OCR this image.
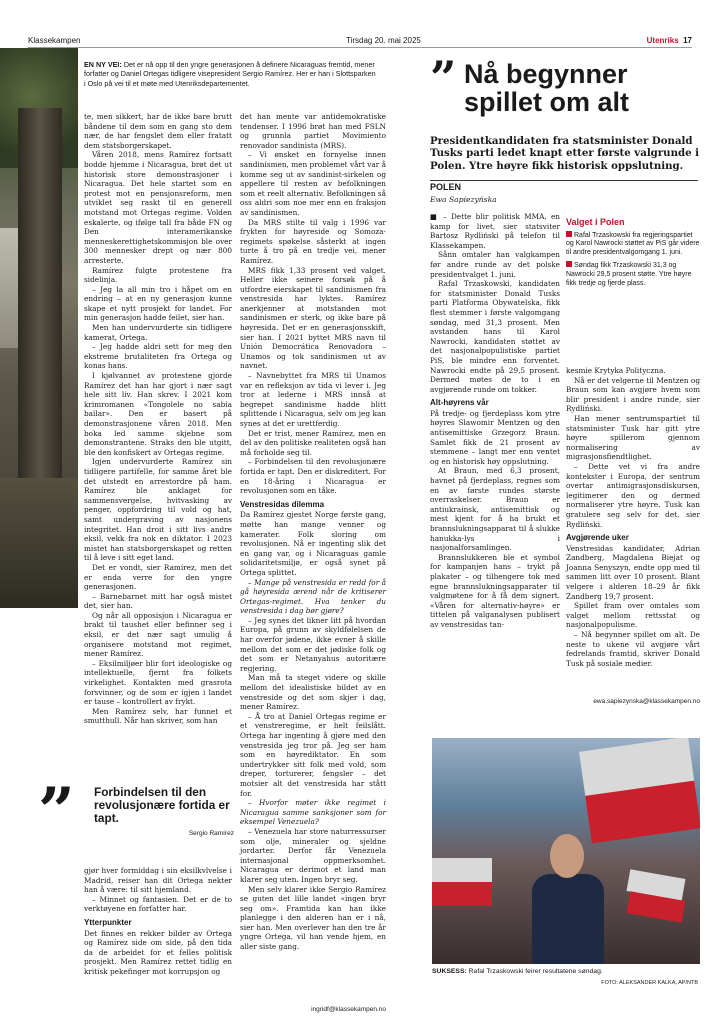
Klassekampen	Tirsdag 20. mai 2025	Utenriks 17
EN NY VEI: Det er nå opp til den yngre generasjonen å definere Nicaraguas fremtid, mener forfatter og Daniel Ortegas tidligere visepresident Sergio Ramírez. Her er han i Slottsparken i Oslo på vei til et møte med Utenriksdepartementet.

te, men sikkert, har de ikke bare brutt båndene til dem som en gang sto dem nær, de har fengslet dem eller fratatt dem statsborgerskapet.

Våren 2018, mens Ramírez fortsatt bodde hjemme i Nicaragua, brøt det ut historisk store demonstrasjoner i Nicaragua. Det hele startet som en protest mot en pensjonsreform, men utviklet seg raskt til en generell motstand mot Ortegas regime. Volden eskalerte, og ifølge tall fra både FN og Den interamerikanske menneskerettighetskommisjon ble over 300 mennesker drept og nær 800 arresterte.

Ramírez fulgte protestene fra sidelinja.

– Jeg la all min tro i håpet om en endring – at en ny generasjon kunne skape et nytt prosjekt for landet. For min generasjon hadde feilet, sier han.

Men han undervurderte sin tidligere kamerat, Ortega.

– Jeg hadde aldri sett for meg den ekstreme brutaliteten fra Ortega og konas hans.

I kjølvannet av protestene gjorde Ramírez det han har gjort i nær sagt hele sitt liv. Han skrev. I 2021 kom krimromanen «Tongolele no sabía bailar». Den er basert på demonstrasjonene våren 2018. Men boka led samme skjebne som demonstrantene. Straks den ble utgitt, ble den konfiskert av Ortegas regime.

Igjen undervurderte Ramírez sin tidligere partifelle, for samme året ble det utstedt en arrestordre på ham. Ramírez ble anklaget for sammensvergelse, hvitvasking av penger, oppfordring til vold og hat, samt undergraving av nasjonens integritet. Han droit i sitt livs andre eksil, vekk fra nok en diktator. I 2023 mistet han statsborgerskapet og retten til å leve i sitt eget land.

Det er vondt, sier Ramírez, men det er enda verre for den yngre generasjonen.

– Barnebarnet mitt har også mistet det, sier han.

Og når all opposisjon i Nicaragua er brakt til taushet eller befinner seg i eksil, er det nær sagt umulig å organisere motstand mot regimet, mener Ramírez.

– Eksilmiljøer blir fort ideologiske og intellektuelle, fjernt fra folkets virkelighet. Kontakten med grasrota forsvinner, og de som er igjen i landet er tause – kontrollert av frykt.

Men Ramírez selv, har funnet et smutthull. Når han skriver, som han

” Forbindelsen til den revolusjonære fortida er tapt.
Sergio Ramírez

gjør hver formiddag i sin eksilkvlvelse i Madrid, reiser han dit Ortega nekter han å være: til sitt hjemland.

– Minnet og fantasien. Det er de to verktøyene en forfatter har.

Ytterpunkter

Det finnes en rekker bilder av Ortega og Ramírez side om side, på den tida da de arbeidet for et felles politisk prosjekt. Men Ramírez rettet tidlig en kritisk pekefinger mot korrupsjon og

det han mente var antidemokratiske tendenser. I 1996 brøt han med FSLN og grunnla partiet Movimiento renovador sandinista (MRS).

– Vi ønsket en fornyelse innen sandinismen, men problemet vårt var å komme seg ut av sandinist-sirkelen og appellere til resten av befolkningen som et reelt alternativ. Befolkningen så oss aldri som noe mer enn en fraksjon av sandinismen.

Da MRS stilte til valg i 1996 var frykten for høyreside og Somoza-regimets spøkelse såsterkt at ingen turte å tro på en tredje vei, mener Ramírez.

MRS fikk 1,33 prosent ved valget. Heller ikke seinere forsøk på å utfordre eierskapet til sandinismen fra venstresida har lyktes. Ramírez anerkjenner at motstanden mot sandinismen er sterk, og ikke bare på høyresida. Det er en generasjonsskift, sier han. I 2021 byttet MRS navn til Unión Democrática Renovadora – Unamos og tok sandinismen ut av navnet.

– Navnebyttet fra MRS til Unamos var en refleksjon av tida vi lever i. Jeg tror at lederne i MRS innså at begrepet sandinisme hadde blitt splittende i Nicaragua, selv om jeg kan synes at det er urettferdig.

Det er trist, mener Ramírez, men en del av den politiske realiteten også han må forholde seg til.

– Forbindelsen til den revolusjonære fortida er tapt. Den er diskreditert. For en 18-åring i Nicaragua er revolusjonen som en tåke.

Venstresidas dilemma

Da Ramírez gjestet Norge første gang, møtte han mange venner og kamerater. Folk sloring om revolusjonen. Nå er ingenting slik det en gang var, og i Nicaraguas gamle solidaritetsmiljø, er også synet på Ortega splittet.

– Mange på venstresida er redd for å gå høyresida ærend når de kritiserer Ortegas-regimet. Hva tenker du venstresida i dag bør gjøre?

– Jeg synes det likner litt på hvordan Europa, på grunn av skyldfølelsen de har overfor jødene, ikke evner å skille mellom det som er det jødiske folk og det som er Netanyahus autoritære regjering.

Man må ta steget videre og skille mellom det idealistiske bildet av en venstreside og det som skjer i dag, mener Ramírez.

– Å tro at Daniel Ortegas regime er et venstreregime, er helt feilslått. Ortega har ingenting å gjøre med den venstresida jeg tror på. Jeg ser ham som en høyrediktator. En som undertrykker sitt folk med vold, som dreper, torturerer, fengsler – det motsier alt det venstresida har stått for.

– Hvorfor møter ikke regimet i Nicaragua samme sanksjoner som for eksempel Venezuela?

– Venezuela har store naturressurser som olje, mineraler og sjeldne jordarter. Derfor får Venezuela internasjonal oppmerksomhet. Nicaragua er derimot et land man klarer seg uten. Ingen bryr seg.

Men selv klarer ikke Sergio Ramírez se guten det lille landet «ingen bryr seg om». Framtida kan han ikke planlegge i den alderen han er i nå, sier han. Men overlever han den tre år yngre Ortega, vil han vende hjem, en aller siste gang.

ingridf@klassekampen.no
” Nå begynner spillet om alt
Presidentkandidaten fra statsminister Donald Tusks parti ledet knapt etter første valgrunde i Polen. Ytre høyre fikk historisk oppslutning.
POLEN
Ewa Sapiezyńska

■ – Dette blir politisk MMA, en kamp for livet, sier statsviter Bartosz Rydliński på telefon til Klassekampen.

Sånn omtaler han valgkampen før andre runde av det polske presidentvalget 1. juni.

Rafal Trzaskowski, kandidaten for statsminister Donald Tusks parti Platforma Obywatelska, fikk flest stemmer i første valgomgang søndag, med 31,3 prosent. Men avstanden hans til Karol Nawrocki, kandidaten støttet av det nasjonalpopulistiske partiet PiS, ble mindre enn forventet. Nawrocki endte på 29,5 prosent. Dermed møtes de to i en avgjørende runde om tokker.

Alt-høyrens vår

På tredje- og fjerdeplass kom ytre høyres Slawomir Mentzen og den antisemittiske Grzegorz Braun. Samlet fikk de 21 prosent av stemmene – langt mer enn ventet og en historisk høy oppslutning.

At Braun, med 6,3 prosent, havnet på fjerdeplass, regnes som en av første rundes største overraskelser. Braun er antiukrainsk, antisemittisk og mest kjent for å ha brukt et brannslukningsapparat til å slukke hanukka-lys i nasjonalforsamlingen.

Brannslukkeren ble et symbol for kampanjen hans – trykt på plakater – og tilhengere tok med egne brannslukningsapparater til valgmøtene for å få dem signert. «Våren for alternativ-høyre» er tittelen på valganalysen publisert av venstresidas tan-

Valget i Polen
Rafal Trzaskowski fra regjeringspartiet og Karol Nawrocki støttet av PiS går videre til andre presidentvalgomgang 1. juni.
Søndag fikk Trzaskowski 31,3 og Nawrocki 29,5 prosent støtte. Ytre høyre fikk tredje og fjerde plass.

kesmie Krytyka Polityczna.

Nå er det velgerne til Mentzen og Braun som kan avgjøre hvem som blir president i andre runde, sier Rydliński.

Han mener sentrumspartiet til statsminister Tusk har gitt ytre høyre spillerom gjennom normalisering av migrasjonsfiendtlighet.

– Dette vet vi fra andre kontekster i Europa, der sentrum overtar antimigrasjonsdiskursen, legitimerer den og dermed normaliserer ytre høyre. Tusk kan gratulere seg selv for det, sier Rydliński.

Avgjørende uker

Venstresidas kandidater, Adrian Zandberg, Magdalena Biejat og Joanna Senyszyn, endte opp med til sammen litt over 10 prosent. Blant velgere i alderen 18–29 år fikk Zandberg 19,7 prosent.

Spillet fram over omtales som valget mellom rettsstat og nasjonalpopulisme.

– Nå begynner spillet om alt. De neste to ukene vil avgjøre vårt fedrelands framtid, skriver Donald Tusk på sosiale medier.

ewa.sapiezynska@klassekampen.no
SUKSESS: Rafal Trzaskowski feirer resultatene søndag.
FOTO: ALEKSANDER KALKA, AP/NTB
